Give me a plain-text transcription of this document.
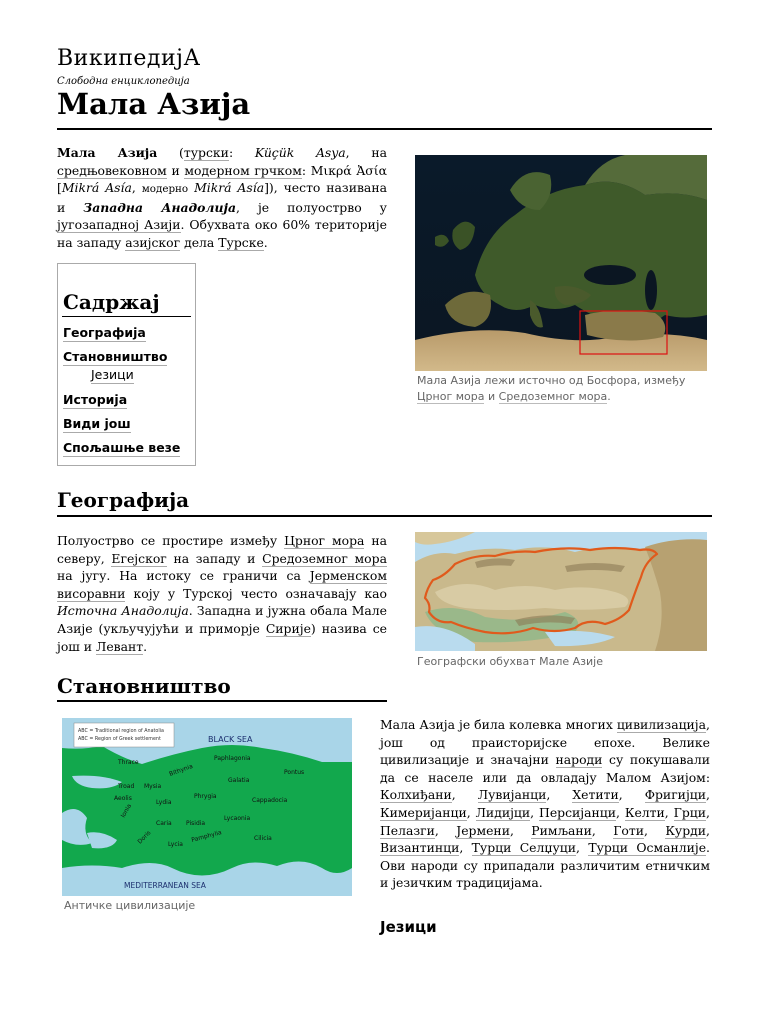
ВикипедијА
Слободна енциклопедија
Мала Азија
Мала Азија (турски: Küçük Asya, на средњовековном и модерном грчком: Μικρά Ἀσία [Mikrá Asía, модерно Mikrá Asía]), често називана и Западна Анадолија, је полуострво у југозападној Азији. Обухвата око 60% територије на западу азијског дела Турске.
Мала Азија лежи источно од Босфора, између
Црног мора и Средоземног мора.
Садржај
Географија
Становништво
Језици
Историја
Види још
Спољашње везе
Географија
Полуострво се простире између Црног мора на северу, Егејског на западу и Средоземног мора на југу. На истоку се граничи са Јерменском висоравни коју у Турској често означавају као Источна Анадолија. Западна и јужна обала Мале Азије (укључујући и приморје Сирије) назива се још и Левант.
Географски обухват Мале Азије
Становништво
ABC = Traditional region of Anatolia
ABC = Region of Greek settlement	BLACK SEA
MEDITERRANEAN SEA
Thrace
Bithynia
Paphlagonia
Pontus
Troad Mysia
Galatia
Aeolis
Lydia
Phrygia
Cappadocia
Ionia
Caria Pisidia
Lycaonia
Doris	Lycia
Pamphylia	Cilicia
Античке цивилизације
Мала Азија је била колевка многих цивилизација, још од праисторијске епохе. Велике цивилизације и значајни народи су покушавали да се населе или да овладају Малом Азијом: Колхиђани, Лувијанци, Хетити, Фригијци, Кимеријанци, Лидијци, Персијанци, Келти, Грци, Пелазги, Јермени, Римљани, Готи, Курди, Византинци, Турци Селџуци, Турци Османлије. Ови народи су припадали различитим етничким и језичким традицијама.
Језици
